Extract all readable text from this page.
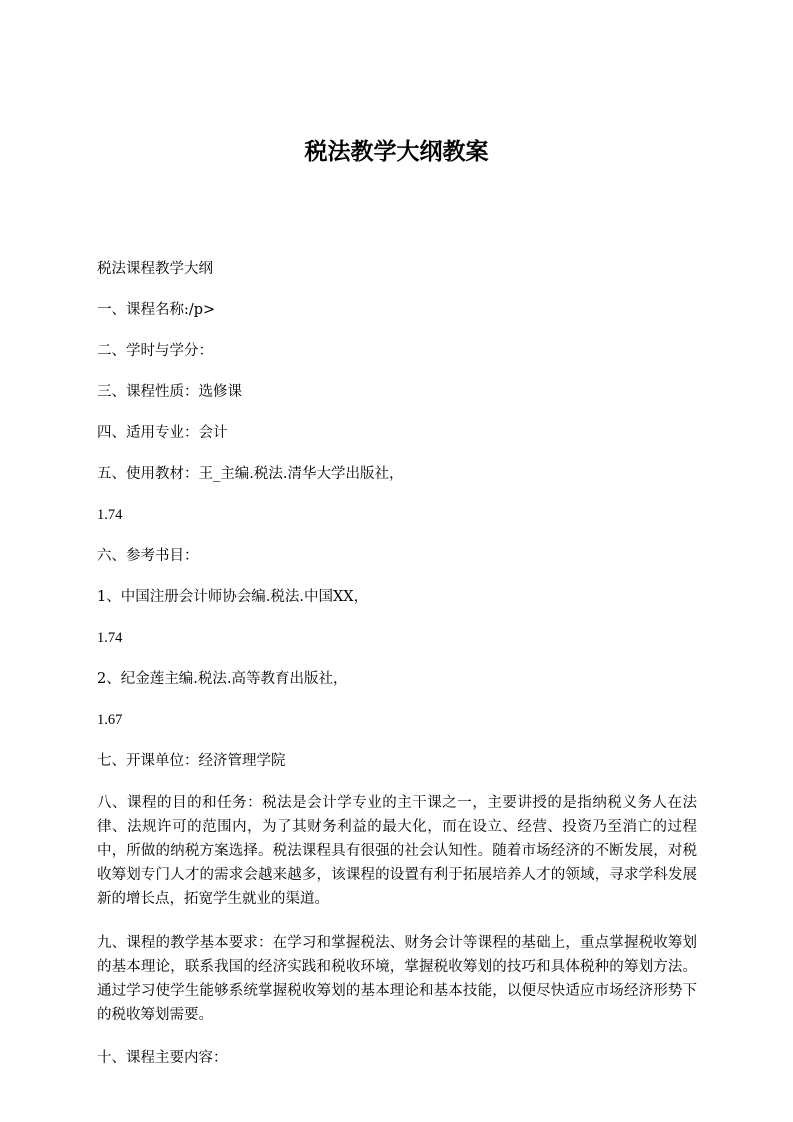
税法教学大纲教案

税法课程教学大纲

一、课程名称:/p>

二、学时与学分：

三、课程性质：选修课

四、适用专业：会计

五、使用教材：王_主编.税法.清华大学出版社，

1.74

六、参考书目：

1、中国注册会计师协会编.税法.中国XX，

1.74

2、纪金莲主编.税法.高等教育出版社，

1.67

七、开课单位：经济管理学院

八、课程的目的和任务：税法是会计学专业的主干课之一，主要讲授的是指纳税义务人在法律、法规许可的范围内，为了其财务利益的最大化，而在设立、经营、投资乃至消亡的过程中，所做的纳税方案选择。税法课程具有很强的社会认知性。随着市场经济的不断发展，对税收筹划专门人才的需求会越来越多，该课程的设置有利于拓展培养人才的领域，寻求学科发展新的增长点，拓宽学生就业的渠道。

九、课程的教学基本要求：在学习和掌握税法、财务会计等课程的基础上，重点掌握税收筹划的基本理论，联系我国的经济实践和税收环境，掌握税收筹划的技巧和具体税种的筹划方法。通过学习使学生能够系统掌握税收筹划的基本理论和基本技能，以便尽快适应市场经济形势下的税收筹划需要。

十、课程主要内容：
